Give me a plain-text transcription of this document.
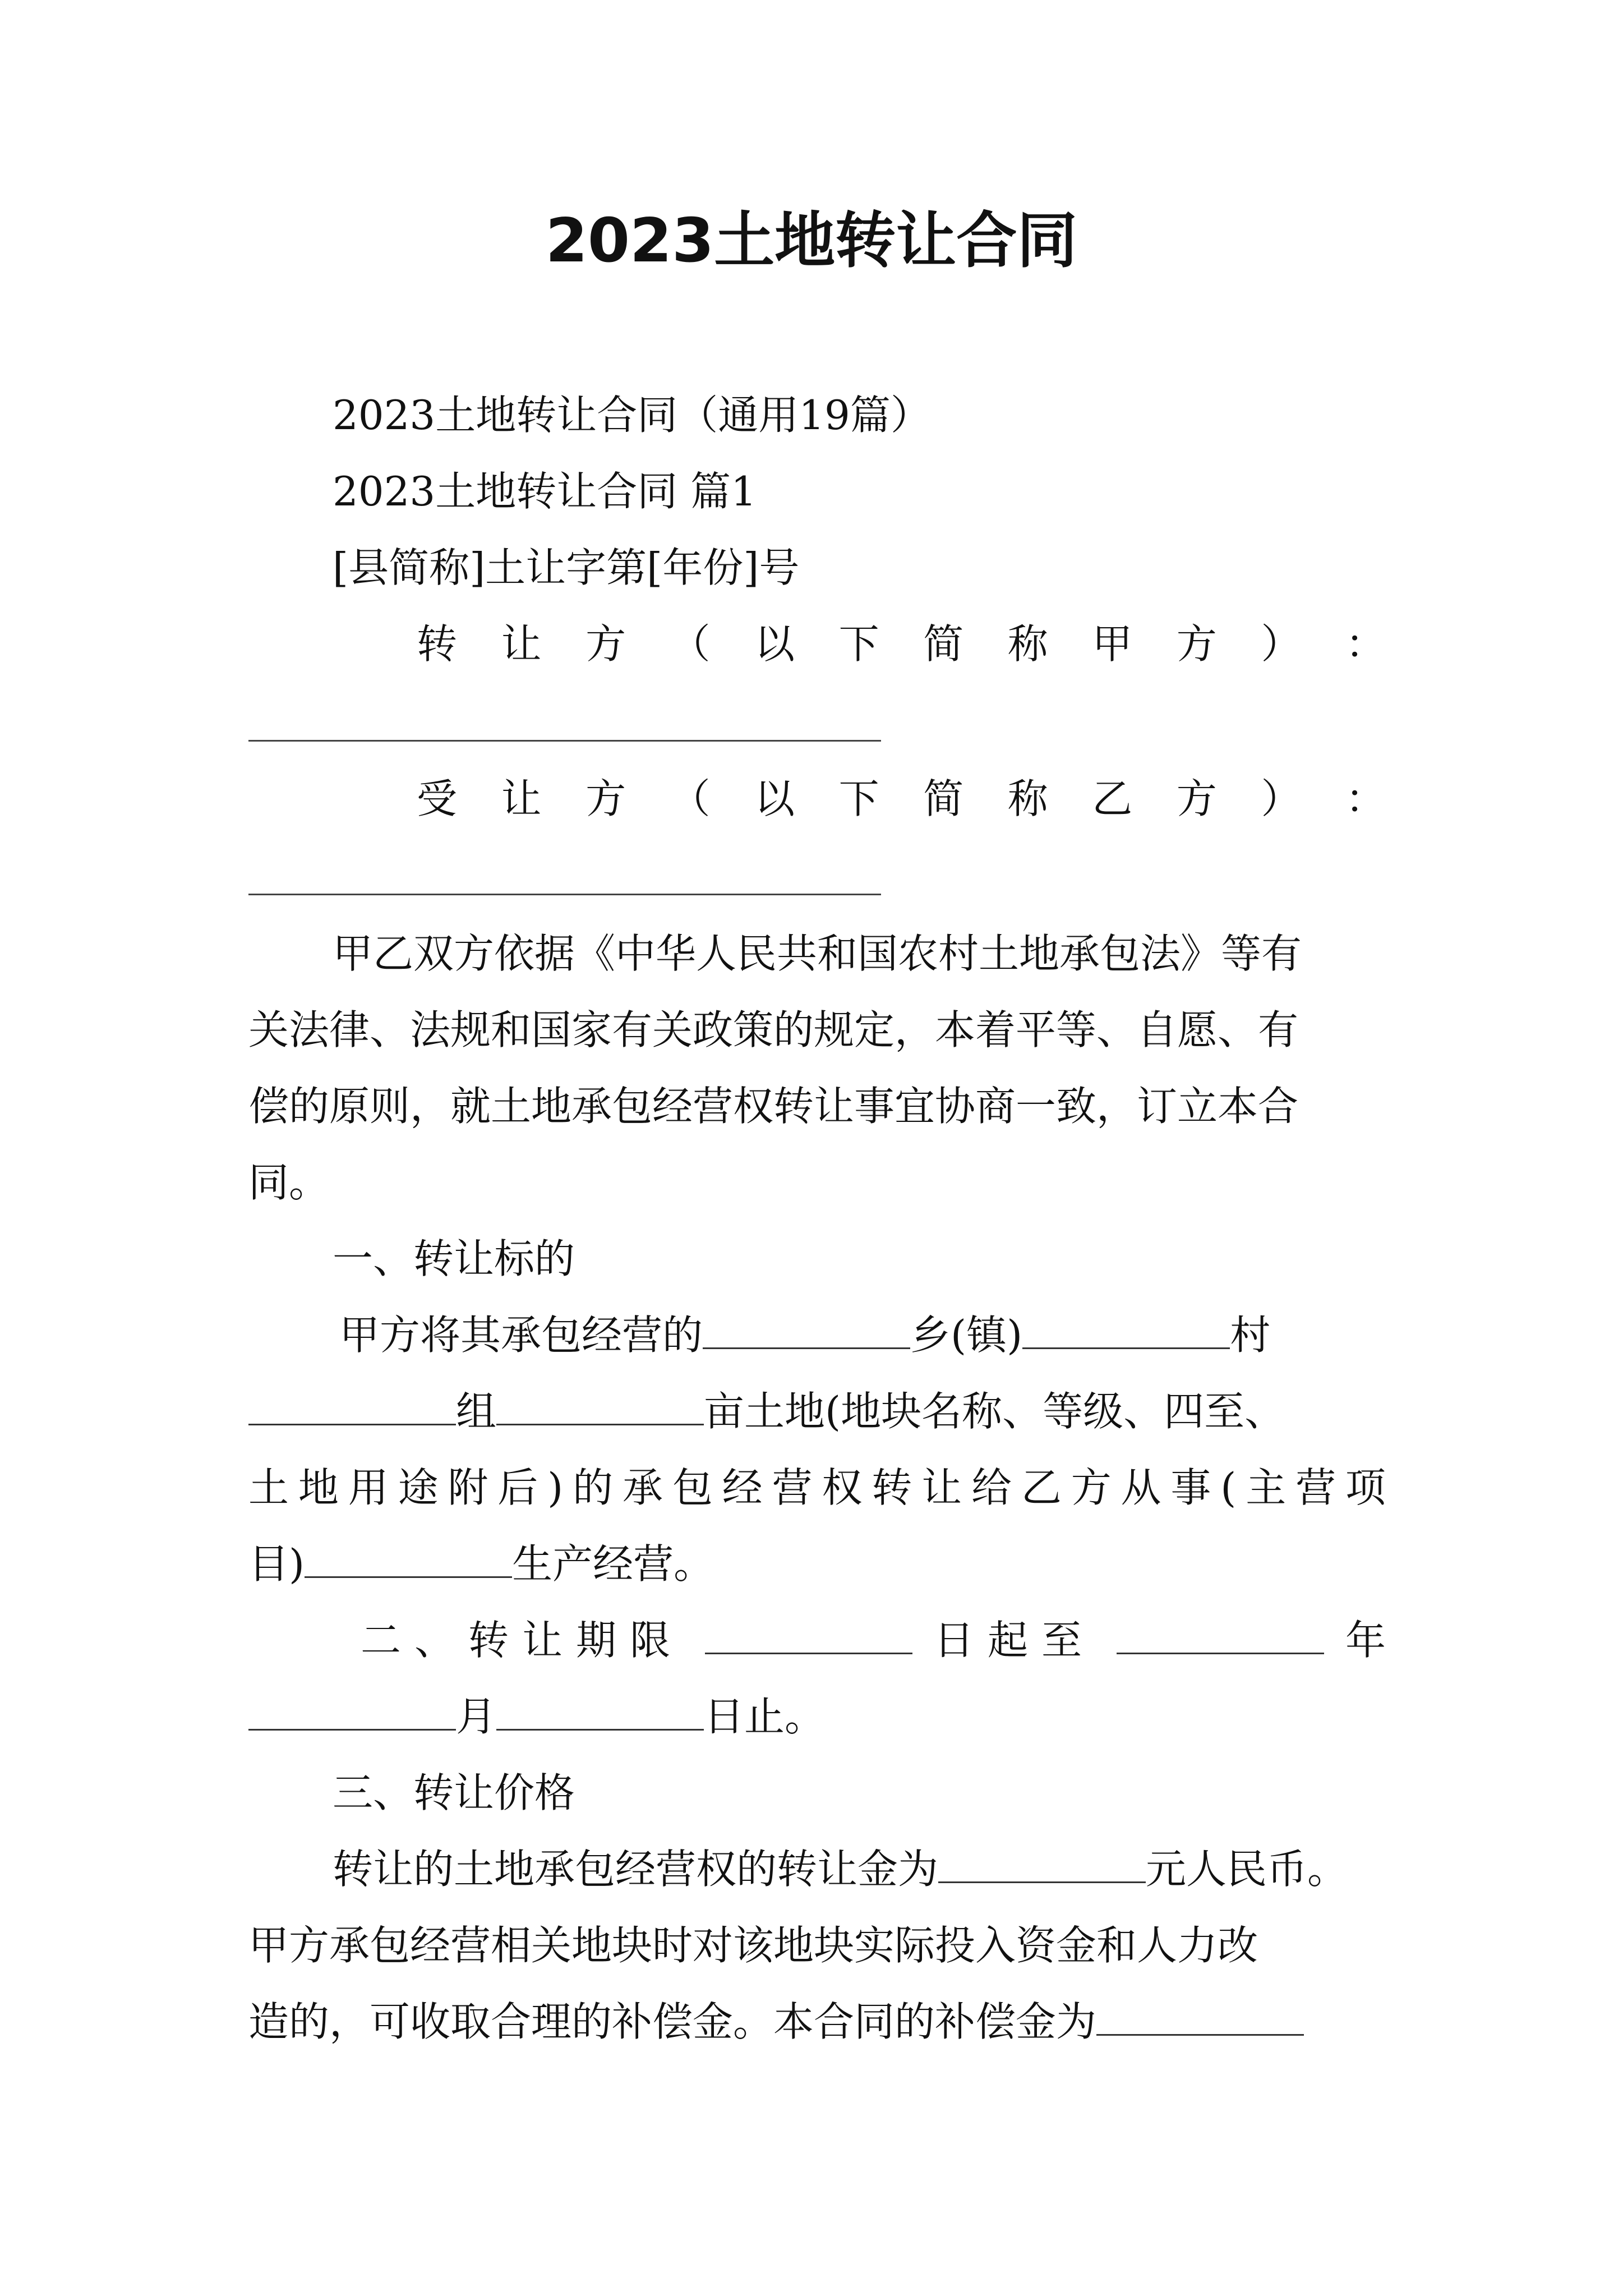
2023土地转让合同
2023土地转让合同（通用19篇）
2023土地转让合同 篇1
[县简称]土让字第[年份]号
转 让 方 （ 以 下 简 称 甲 方 ） ：
受 让 方 （ 以 下 简 称 乙 方 ） ：
甲乙双方依据《中华人民共和国农村土地承包法》等有
关法律、法规和国家有关政策的规定，本着平等、自愿、有
偿的原则，就土地承包经营权转让事宜协商一致，订立本合
同。
一、转让标的
甲方将其承包经营的	乡(镇)	村
组	亩土地(地块名称、等级、四至、
土 地 用 途 附 后 ) 的 承 包 经 营 权 转 让 给 乙 方 从 事 ( 主 营 项
目)	生产经营。
二、转让期限	日起至	年
月	日止。
三、转让价格
转让的土地承包经营权的转让金为	元人民币。
甲方承包经营相关地块时对该地块实际投入资金和人力改
造的，可收取合理的补偿金。本合同的补偿金为
